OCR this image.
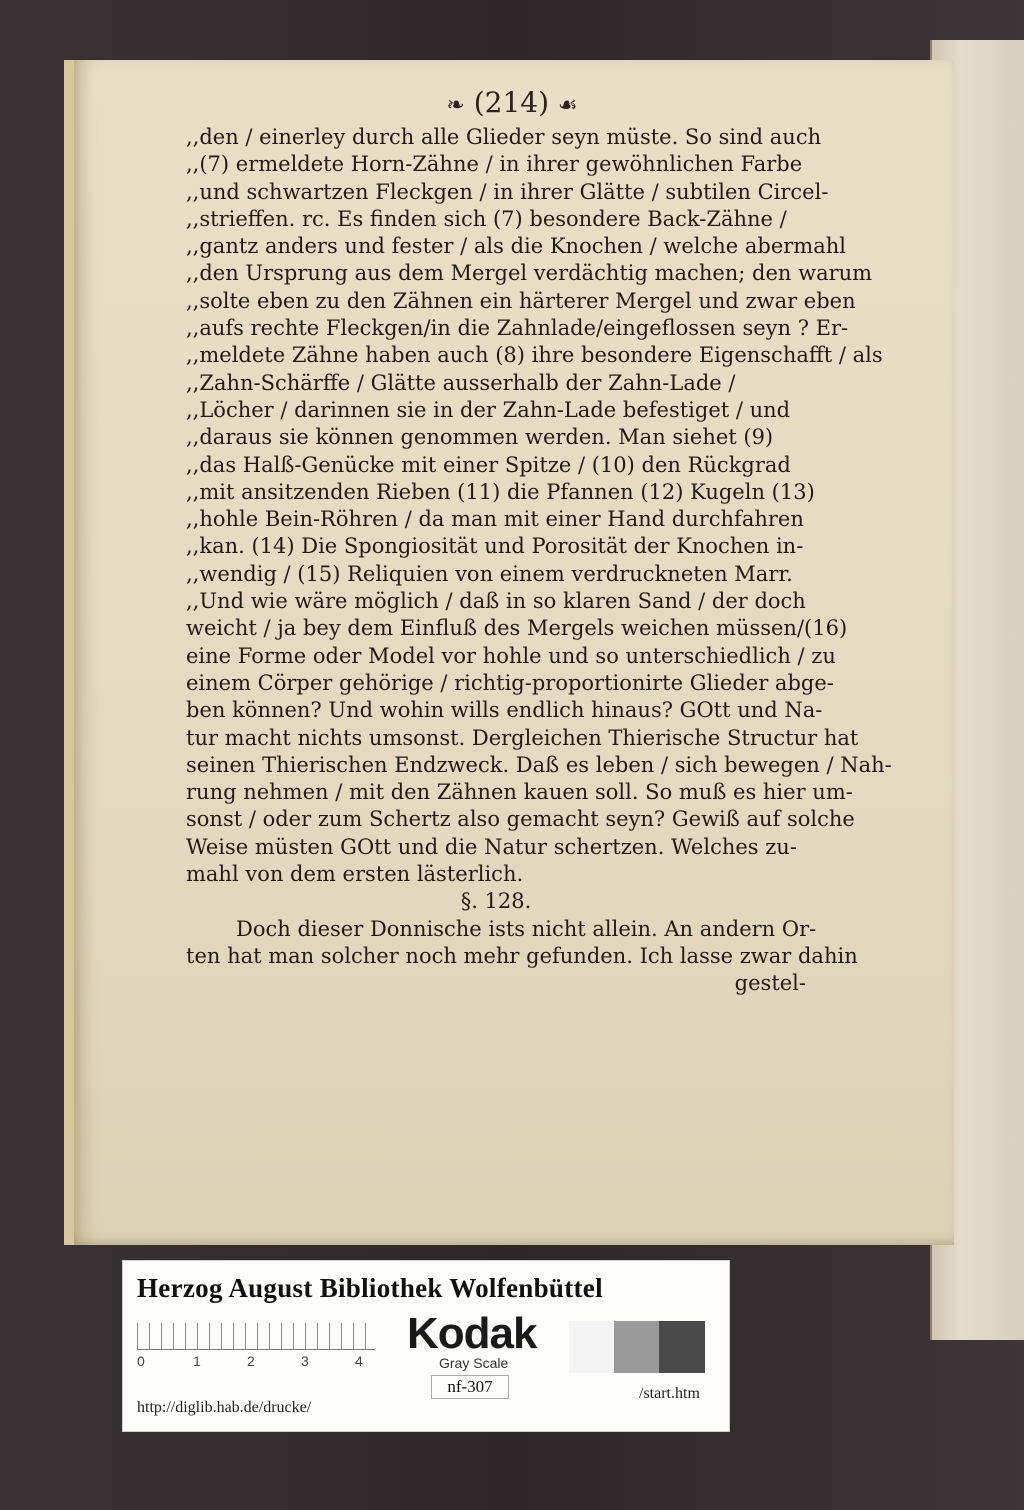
❧ (214) ☙
,,den / einerley durch alle Glieder seyn müste. So sind auch
,,(7) ermeldete Horn-Zähne / in ihrer gewöhnlichen Farbe
,,und schwartzen Fleckgen / in ihrer Glätte / subtilen Circel-
,,strieffen. rc. Es finden sich (7) besondere Back-Zähne /
,,gantz anders und fester / als die Knochen / welche abermahl
,,den Ursprung aus dem Mergel verdächtig machen; den warum
,,solte eben zu den Zähnen ein härterer Mergel und zwar eben
,,aufs rechte Fleckgen/in die Zahnlade/eingeflossen seyn ? Er-
,,meldete Zähne haben auch (8) ihre besondere Eigenschafft / als
,,Zahn-Schärffe / Glätte ausserhalb der Zahn-Lade /
,,Löcher / darinnen sie in der Zahn-Lade befestiget / und
,,daraus sie können genommen werden. Man siehet (9)
,,das Halß-Genücke mit einer Spitze / (10) den Rückgrad
,,mit ansitzenden Rieben (11) die Pfannen (12) Kugeln (13)
,,hohle Bein-Röhren / da man mit einer Hand durchfahren
,,kan. (14) Die Spongiosität und Porosität der Knochen in-
,,wendig / (15) Reliquien von einem verdruckneten Marr.
,,Und wie wäre möglich / daß in so klaren Sand / der doch
weicht / ja bey dem Einfluß des Mergels weichen müssen/(16)
eine Forme oder Model vor hohle und so unterschiedlich / zu
einem Cörper gehörige / richtig-proportionirte Glieder abge-
ben können? Und wohin wills endlich hinaus? GOtt und Na-
tur macht nichts umsonst. Dergleichen Thierische Structur hat
seinen Thierischen Endzweck. Daß es leben / sich bewegen / Nah-
rung nehmen / mit den Zähnen kauen soll. So muß es hier um-
sonst / oder zum Schertz also gemacht seyn? Gewiß auf solche
Weise müsten GOtt und die Natur schertzen. Welches zu-
mahl von dem ersten lästerlich.
§. 128.
Doch dieser Donnische ists nicht allein. An andern Or-
ten hat man solcher noch mehr gefunden. Ich lasse zwar dahin
gestel-
Herzog August Bibliothek Wolfenbüttel
0	1	2	3	4
Kodak
Gray Scale
nf-307
http://diglib.hab.de/drucke/
/start.htm
